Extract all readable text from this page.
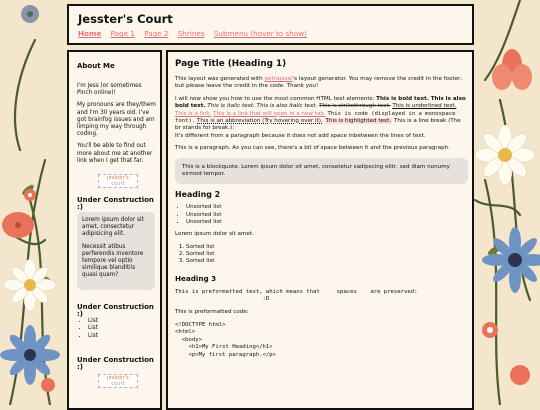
Jesster's Court
Home Page 1 Page 2 Shrines Submenu (hover to show)
About Me

I'm Jess (or sometimes Pinch online)!

My pronouns are they/them and I'm 30 years old. I've got brainfog issues and am limping my way through coding.

You'll be able to find out more about me at another link when I get that far.

jesster's
court
Under Construction :)

Lorem ipsum dolor sit amet, consectetur adipisicing elit.

Necessit atibus perferendis inventore tempore vel optio similique blanditiis quasi quam?

Under Construction :)
• List
• List
• List
Under Construction :)
jesster's
court
Page Title (Heading 1)

This layout was generated with petrapixel's layout generator. You may remove the credit in the footer, but please leave the credit in the code. Thank you!

I will now show you how to use the most common HTML text elements: This is bold text. This is also bold text. This is italic text. This is also italic text. This is strikethrough text. This is underlined text. This is a link. This is a link that will open in a new tab. This is code (displayed in a monospace font). This is an abbreviation (Try hovering over it). This is highlighted text. This is a line break (The br stands for break.):
It's different from a paragraph because it does not add space inbetween the lines of text.

This is a paragraph. As you can see, there's a bit of space between it and the previous paragraph.

This is a blockquote. Lorem ipsum dolor sit amet, consetetur sadipscing elitr, sed diam nonumy eirmod tempor.
Heading 2
• Unsorted list
• Unsorted list
• Unsorted list

Lorem ipsum dolor sit amet.

1. Sorted list
2. Sorted list
3. Sorted list
Heading 3
This is preformatted text, which means that     spaces    are preserved:
:D

This is preformatted code:

<!DOCTYPE html>
<html>
<body>
<h1>My First Heading</h1>
<p>My first paragraph.</p>
